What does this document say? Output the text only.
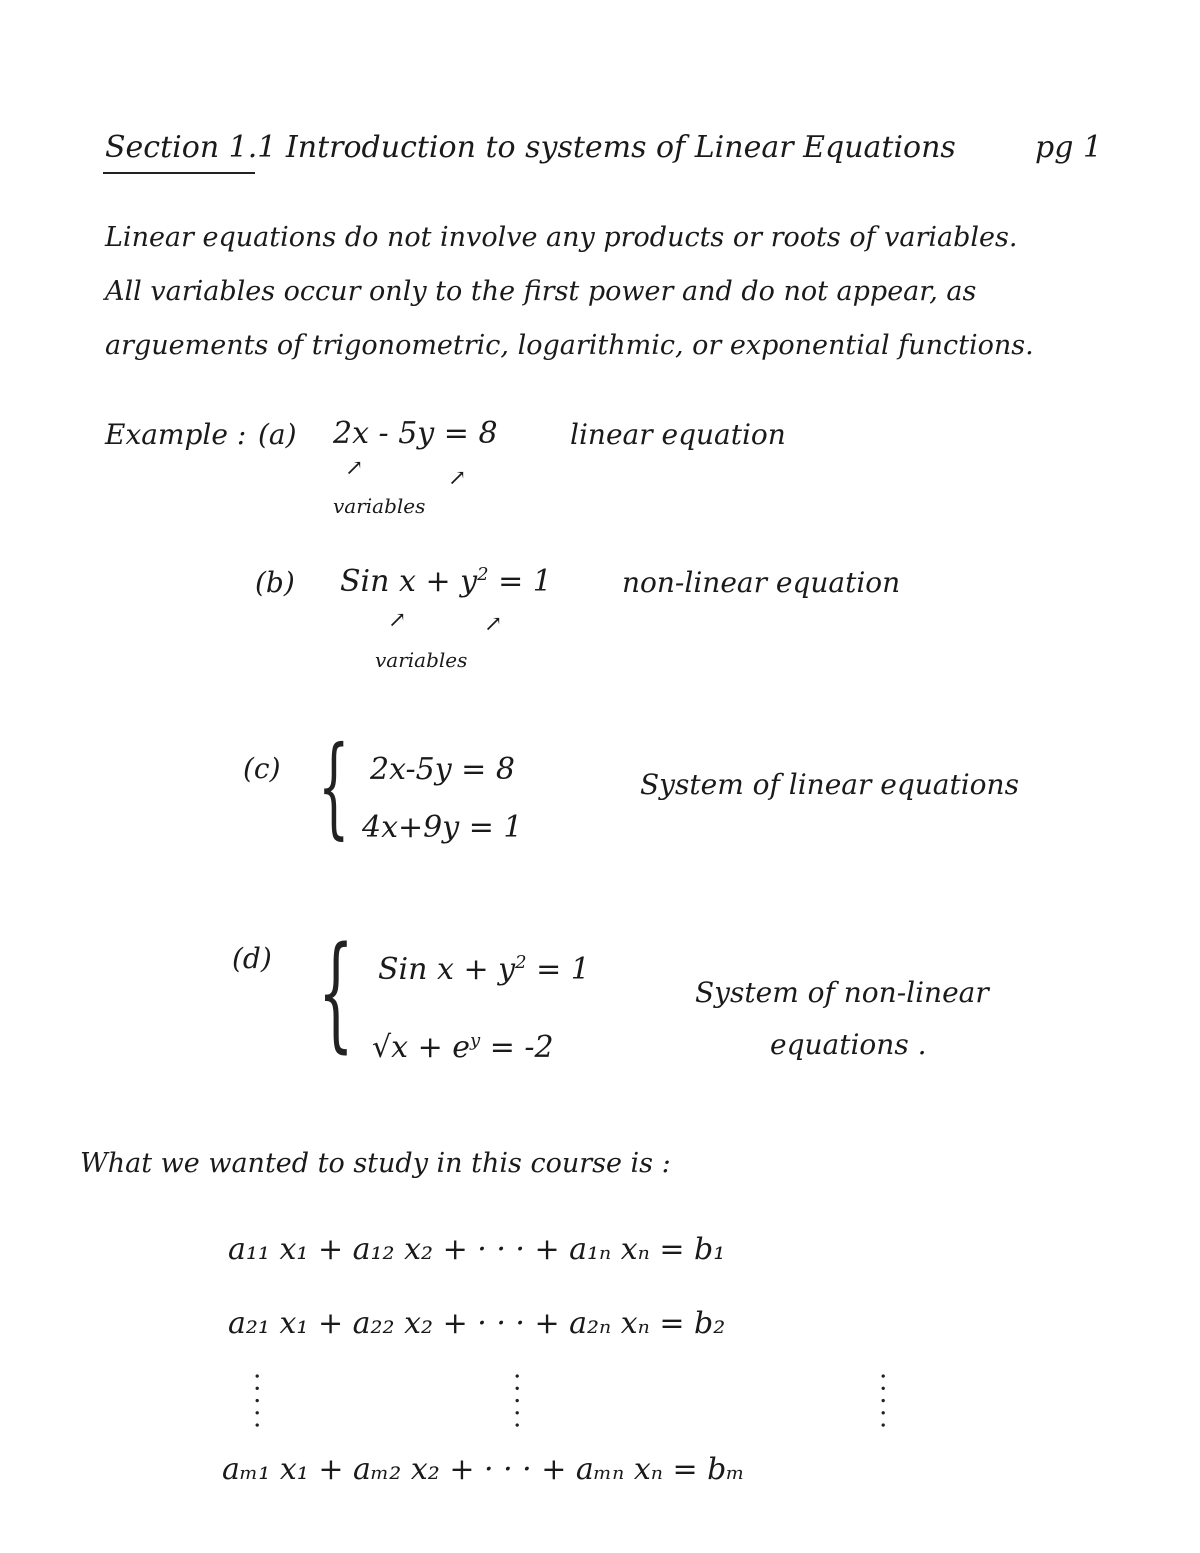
Section 1.1 Introduction to systems of Linear Equations	pg 1
Linear equations do not involve any products or roots of variables.
All variables occur only to the first power and do not appear, as
arguements of trigonometric, logarithmic, or exponential functions.
Example : (a) 2x - 5y = 8	linear equation
↗	↗
variables
(b) Sin $x + y^2 = 1$	non-linear equation
↗	↗
variables
(c) { 2x-5y = 8
4x+9y = 1
System of linear equations
(d) { Sin $x + y^2 = 1$
$√x + e^y = -2$
System of non-linear
equations .
What we wanted to study in this course is :
a₁₁ x₁ + a₁₂ x₂ + · · · + a₁ₙ xₙ = b₁
a₂₁ x₁ + a₂₂ x₂ + · · · + a₂ₙ xₙ = b₂
·····	·····	·····
aₘ₁ x₁ + aₘ₂ x₂ + · · · + aₘₙ xₙ = bₘ
